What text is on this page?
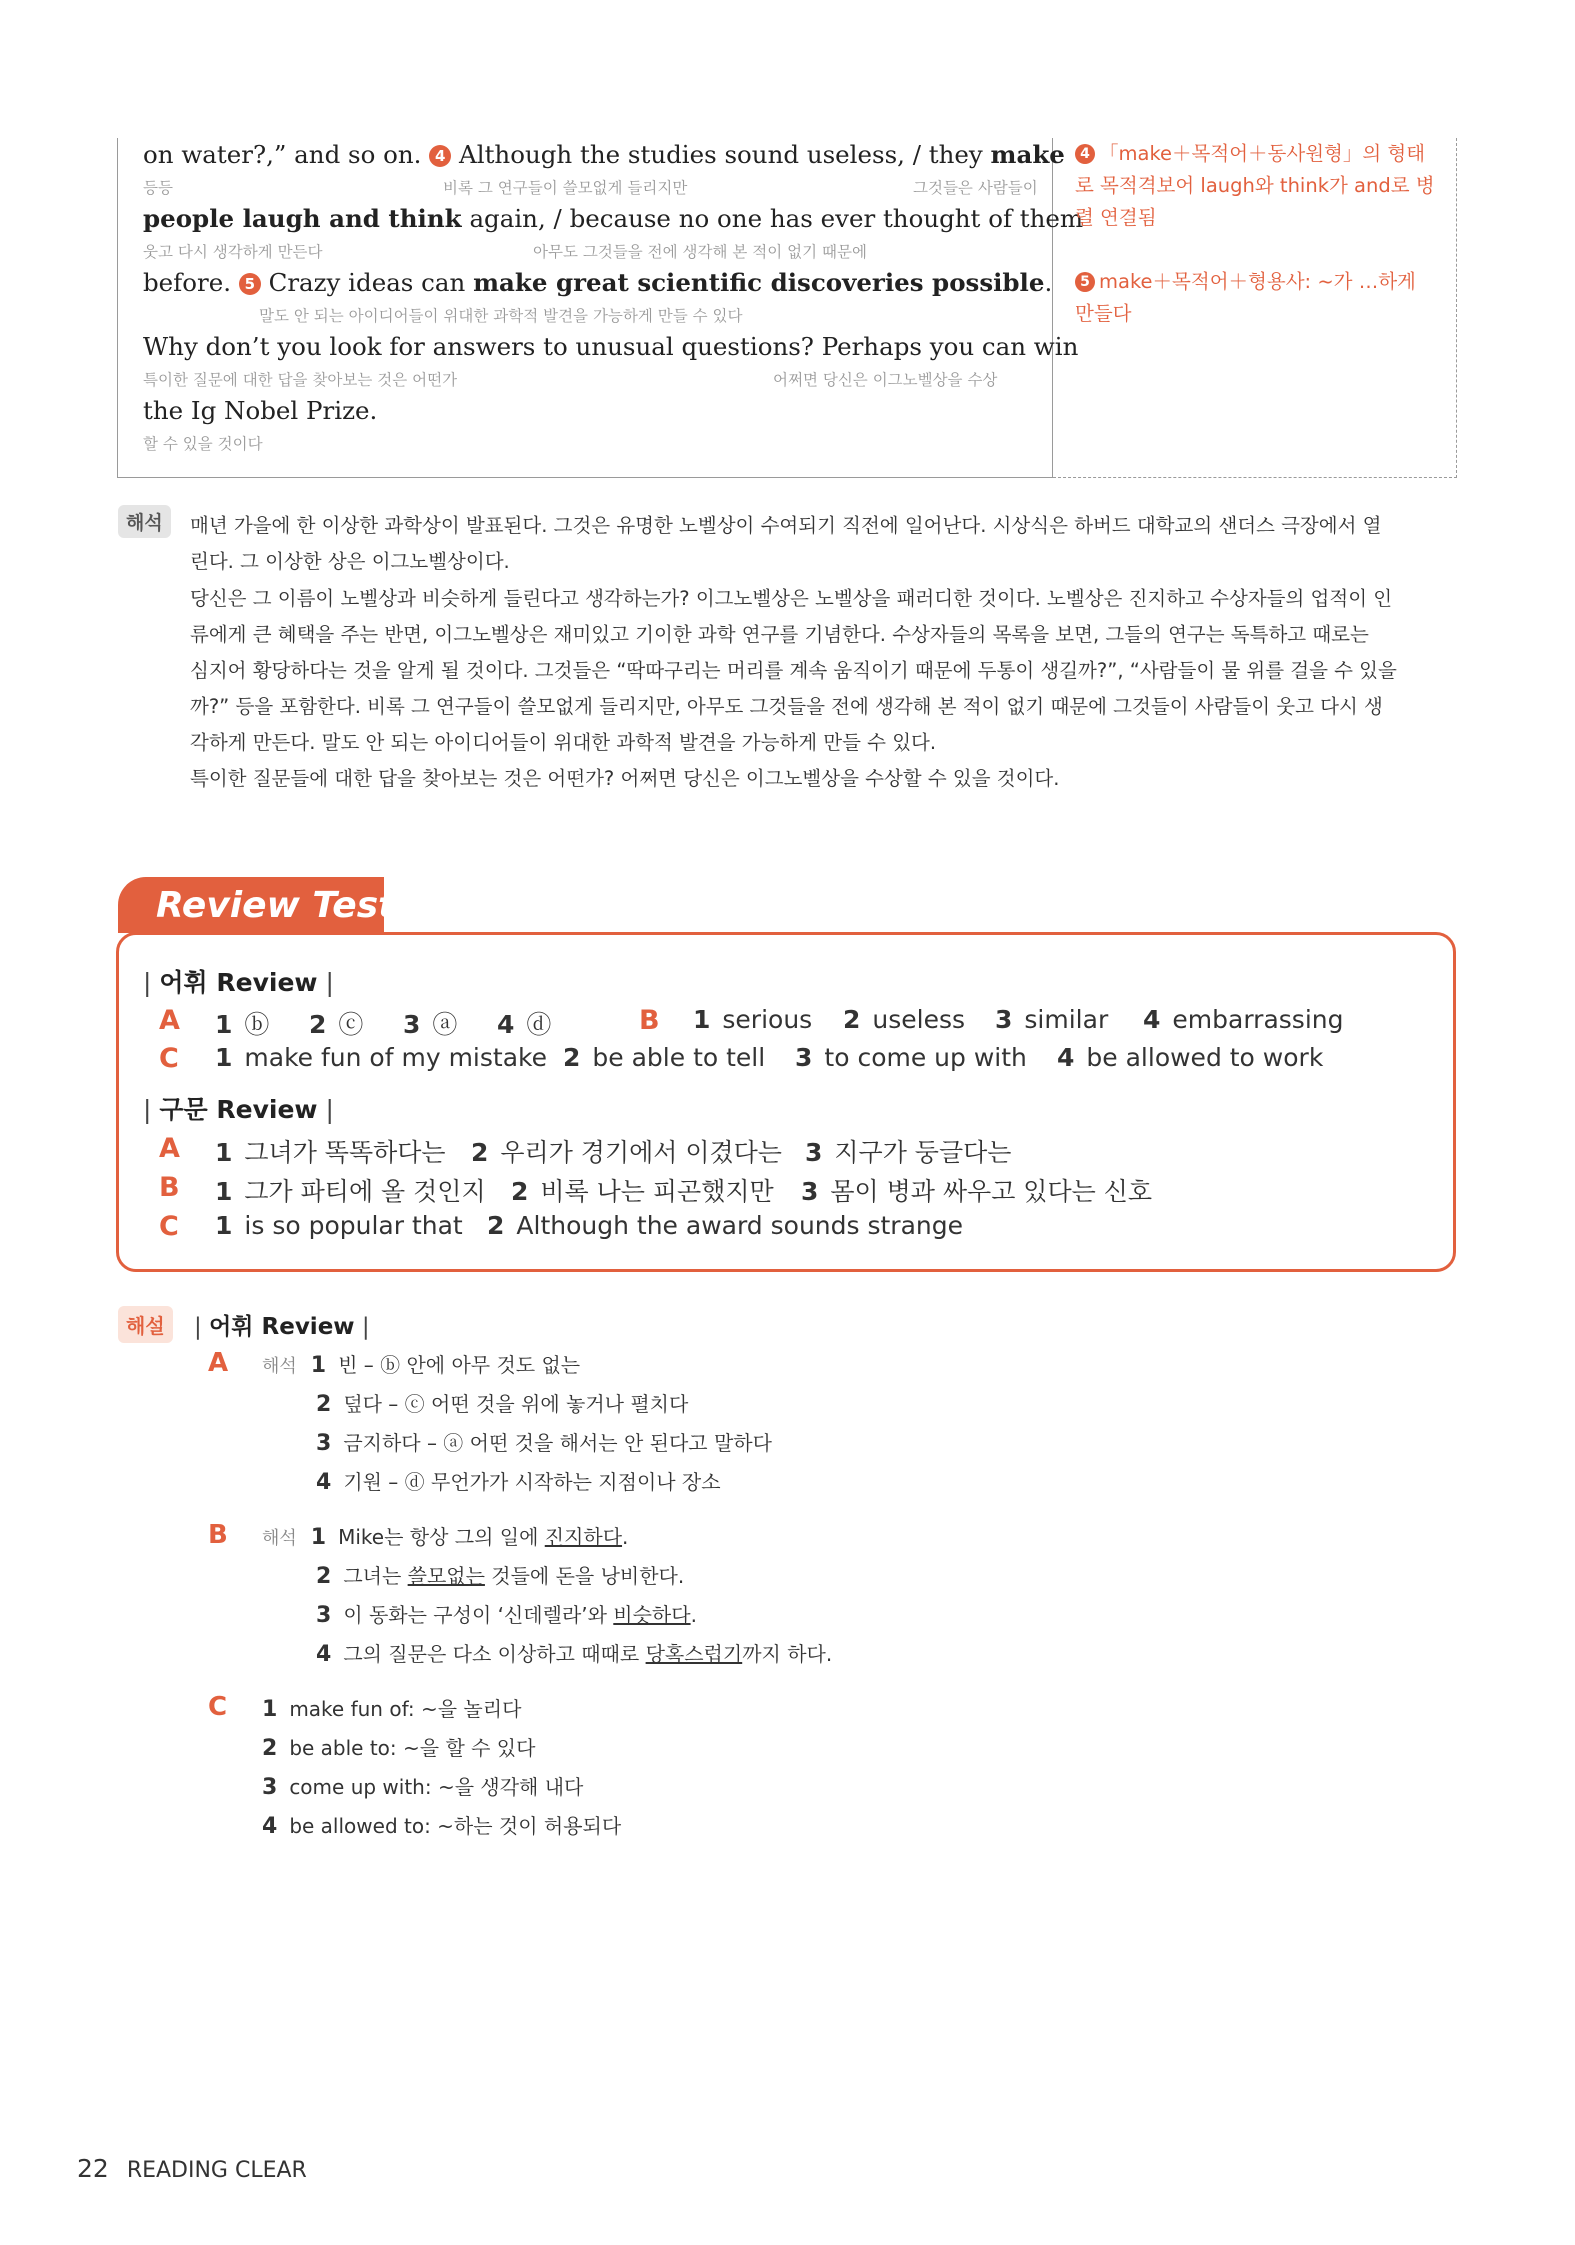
on water?,” and so on. 4 Although the studies sound useless, / they make
등등	비록 그 연구들이 쓸모없게 들리지만	그것들은 사람들이
people laugh and think again, / because no one has ever thought of them
웃고 다시 생각하게 만든다	아무도 그것들을 전에 생각해 본 적이 없기 때문에
before. 5 Crazy ideas can make great scientific discoveries possible.
말도 안 되는 아이디어들이 위대한 과학적 발견을 가능하게 만들 수 있다
Why don’t you look for answers to unusual questions? Perhaps you can win
특이한 질문에 대한 답을 찾아보는 것은 어떤가	어쩌면 당신은 이그노벨상을 수상
the Ig Nobel Prize.
할 수 있을 것이다
4 「make＋목적어＋동사원형」의 형태로 목적격보어 laugh와 think가 and로 병렬 연결됨
5 make＋목적어＋형용사: ~가 …하게 만들다
해석	매년 가을에 한 이상한 과학상이 발표된다. 그것은 유명한 노벨상이 수여되기 직전에 일어난다. 시상식은 하버드 대학교의 샌더스 극장에서 열
린다. 그 이상한 상은 이그노벨상이다.
당신은 그 이름이 노벨상과 비슷하게 들린다고 생각하는가? 이그노벨상은 노벨상을 패러디한 것이다. 노벨상은 진지하고 수상자들의 업적이 인
류에게 큰 혜택을 주는 반면, 이그노벨상은 재미있고 기이한 과학 연구를 기념한다. 수상자들의 목록을 보면, 그들의 연구는 독특하고 때로는
심지어 황당하다는 것을 알게 될 것이다. 그것들은 “딱따구리는 머리를 계속 움직이기 때문에 두통이 생길까?”, “사람들이 물 위를 걸을 수 있을
까?” 등을 포함한다. 비록 그 연구들이 쓸모없게 들리지만, 아무도 그것들을 전에 생각해 본 적이 없기 때문에 그것들이 사람들이 웃고 다시 생
각하게 만든다. 말도 안 되는 아이디어들이 위대한 과학적 발견을 가능하게 만들 수 있다.
특이한 질문들에 대한 답을 찾아보는 것은 어떤가? 어쩌면 당신은 이그노벨상을 수상할 수 있을 것이다.
Review Test
| 어휘 Review |
A 1 ⓑ 2 ⓒ 3 ⓐ 4 ⓓ	B 1 serious 2 useless 3 similar 4 embarrassing
C 1 make fun of my mistake 2 be able to tell 3 to come up with 4 be allowed to work
| 구문 Review |
A 1 그녀가 똑똑하다는 2 우리가 경기에서 이겼다는 3 지구가 둥글다는
B 1 그가 파티에 올 것인지 2 비록 나는 피곤했지만 3 몸이 병과 싸우고 있다는 신호
C 1 is so popular that 2 Although the award sounds strange
해설	| 어휘 Review |
A 해석 1 빈 – ⓑ 안에 아무 것도 없는
2 덮다 – ⓒ 어떤 것을 위에 놓거나 펼치다
3 금지하다 – ⓐ 어떤 것을 해서는 안 된다고 말하다
4 기원 – ⓓ 무언가가 시작하는 지점이나 장소
B 해석 1 Mike는 항상 그의 일에 진지하다.
2 그녀는 쓸모없는 것들에 돈을 낭비한다.
3 이 동화는 구성이 ‘신데렐라’와 비슷하다.
4 그의 질문은 다소 이상하고 때때로 당혹스럽기까지 하다.
C 1 make fun of: ~을 놀리다
2 be able to: ~을 할 수 있다
3 come up with: ~을 생각해 내다
4 be allowed to: ~하는 것이 허용되다
22 READING CLEAR
